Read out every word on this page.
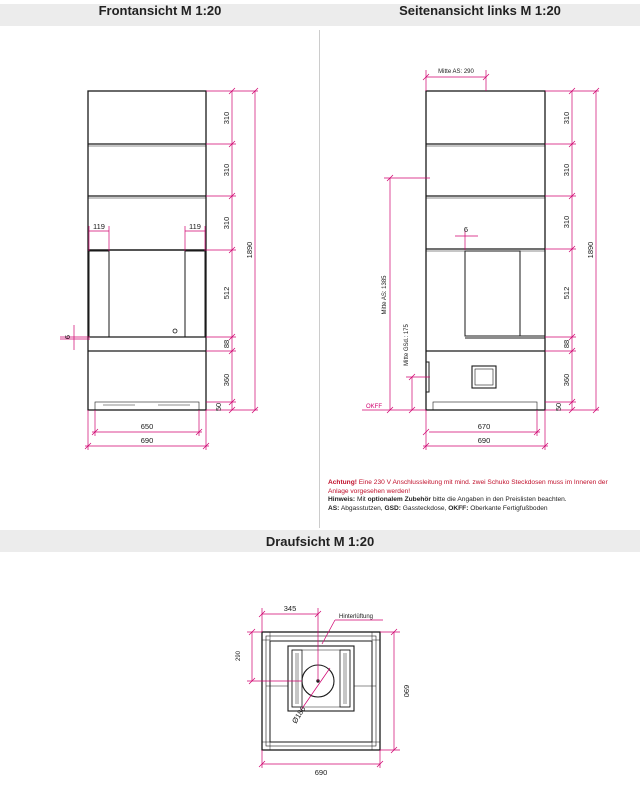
Frontansicht M 1:20	Seitenansicht links M 1:20
Draufsicht M 1:20
310
310
310
512
88
360
50
1890
119	119
6
650
690
310
310
310
512
88
360
50
1890
6
Mitte AS: 290
Mitte AS: 1385
Mitte GSd.: 175
OKFF
670
690
345
Hinterlüftung
290
690
Ø186
690
Achtung! Eine 230 V Anschlussleitung mit mind. zwei Schuko Steckdosen muss im Inneren der Anlage vorgesehen werden!
Hinweis: Mit optionalem Zubehör bitte die Angaben in den Preislisten beachten.
AS: Abgasstutzen, GSD: Gassteckdose, OKFF: Oberkante Fertigfußboden
